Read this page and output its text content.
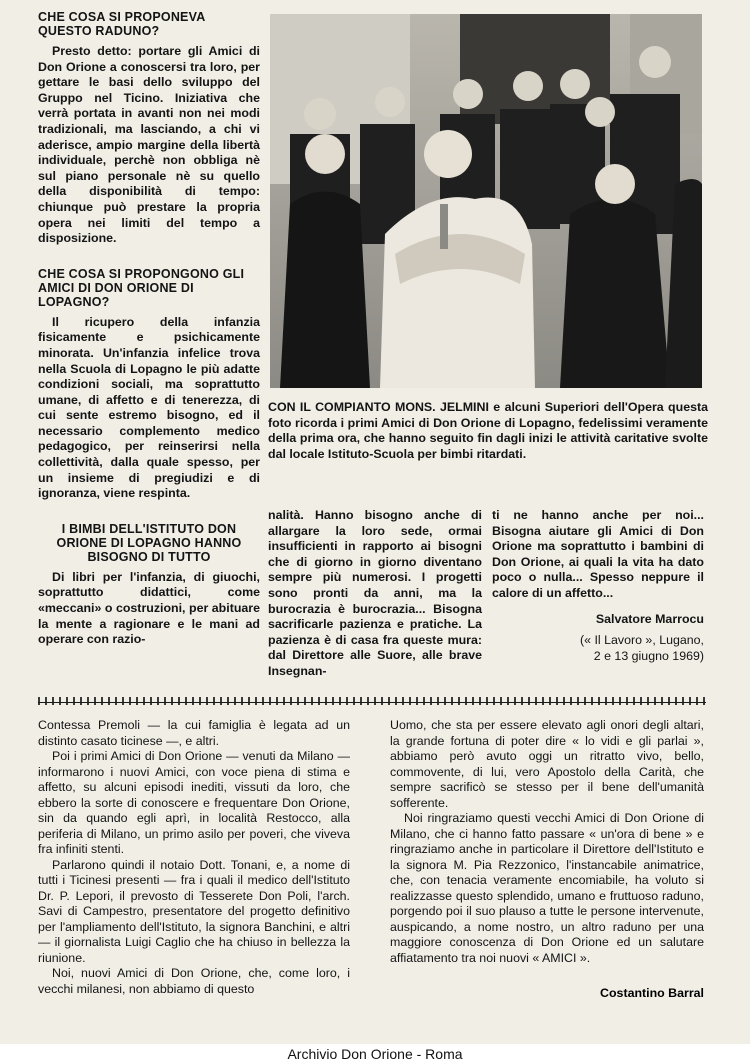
CHE COSA SI PROPONEVA QUESTO RADUNO?
Presto detto: portare gli Amici di Don Orione a conoscersi tra loro, per gettare le basi dello sviluppo del Gruppo nel Ticino. Iniziativa che verrà portata in avanti non nei modi tradizionali, ma lasciando, a chi vi aderisce, ampio margine della libertà individuale, perchè non obbliga nè sul piano personale nè su quello della disponibilità di tempo: chiunque può prestare la propria opera nei limiti del tempo a disposizione.
CHE COSA SI PROPONGONO GLI AMICI DI DON ORIONE DI LOPAGNO?
Il ricupero della infanzia fisicamente e psichicamente minorata. Un'infanzia infelice trova nella Scuola di Lopagno le più adatte condizioni sociali, ma soprattutto umane, di affetto e di tenerezza, di cui sente estremo bisogno, ed il necessario complemento medico pedagogico, per reinserirsi nella collettività, dalla quale spesso, per un insieme di pregiudizi e di ignoranza, viene respinta.
I BIMBI DELL'ISTITUTO DON ORIONE DI LOPAGNO HANNO BISOGNO DI TUTTO
Di libri per l'infanzia, di giuochi, soprattutto didattici, come «meccani» o costruzioni, per abituare la mente a ragionare e le mani ad operare con razio-
CON IL COMPIANTO MONS. JELMINI e alcuni Superiori dell'Opera questa foto ricorda i primi Amici di Don Orione di Lopagno, fedelissimi veramente della prima ora, che hanno seguito fin dagli inizi le attività caritative svolte dal locale Istituto-Scuola per bimbi ritardati.
nalità. Hanno bisogno anche di allargare la loro sede, ormai insufficienti in rapporto ai bisogni che di giorno in giorno diventano sempre più numerosi. I progetti sono pronti da anni, ma la burocrazia è burocrazia... Bisogna sacrificarle pazienza e pratiche. La pazienza è di casa fra queste mura: dal Direttore alle Suore, alle brave Insegnan-
ti ne hanno anche per noi... Bisogna aiutare gli Amici di Don Orione ma soprattutto i bambini di Don Orione, ai quali la vita ha dato poco o nulla... Spesso neppure il calore di un affetto...
Salvatore Marrocu
(« Il Lavoro », Lugano,
2 e 13 giugno 1969)

Contessa Premoli — la cui famiglia è legata ad un distinto casato ticinese —, e altri.

Poi i primi Amici di Don Orione — venuti da Milano — informarono i nuovi Amici, con voce piena di stima e affetto, su alcuni episodi inediti, vissuti da loro, che ebbero la sorte di conoscere e frequentare Don Orione, sin da quando egli aprì, in località Restocco, alla periferia di Milano, un primo asilo per poveri, che viveva fra infiniti stenti.

Parlarono quindi il notaio Dott. Tonani, e, a nome di tutti i Ticinesi presenti — fra i quali il medico dell'Istituto Dr. P. Lepori, il prevosto di Tesserete Don Poli, l'arch. Savi di Campestro, presentatore del progetto definitivo per l'ampliamento dell'Istituto, la signora Banchini, e altri — il giornalista Luigi Caglio che ha chiuso in bellezza la riunione.

Noi, nuovi Amici di Don Orione, che, come loro, i vecchi milanesi, non abbiamo di questo

Uomo, che sta per essere elevato agli onori degli altari, la grande fortuna di poter dire « lo vidi e gli parlai », abbiamo però avuto oggi un ritratto vivo, bello, commovente, di lui, vero Apostolo della Carità, che sempre sacrificò se stesso per il bene dell'umanità sofferente.

Noi ringraziamo questi vecchi Amici di Don Orione di Milano, che ci hanno fatto passare « un'ora di bene » e ringraziamo anche in particolare il Direttore dell'Istituto e la signora M. Pia Rezzonico, l'instancabile animatrice, che, con tenacia veramente encomiabile, ha voluto si realizzasse questo splendido, umano e fruttuoso raduno, porgendo poi il suo plauso a tutte le persone intervenute, auspicando, a nome nostro, un altro raduno per una maggiore conoscenza di Don Orione ed un salutare affiatamento tra noi nuovi « AMICI ».

Costantino Barral
Archivio Don Orione - Roma
